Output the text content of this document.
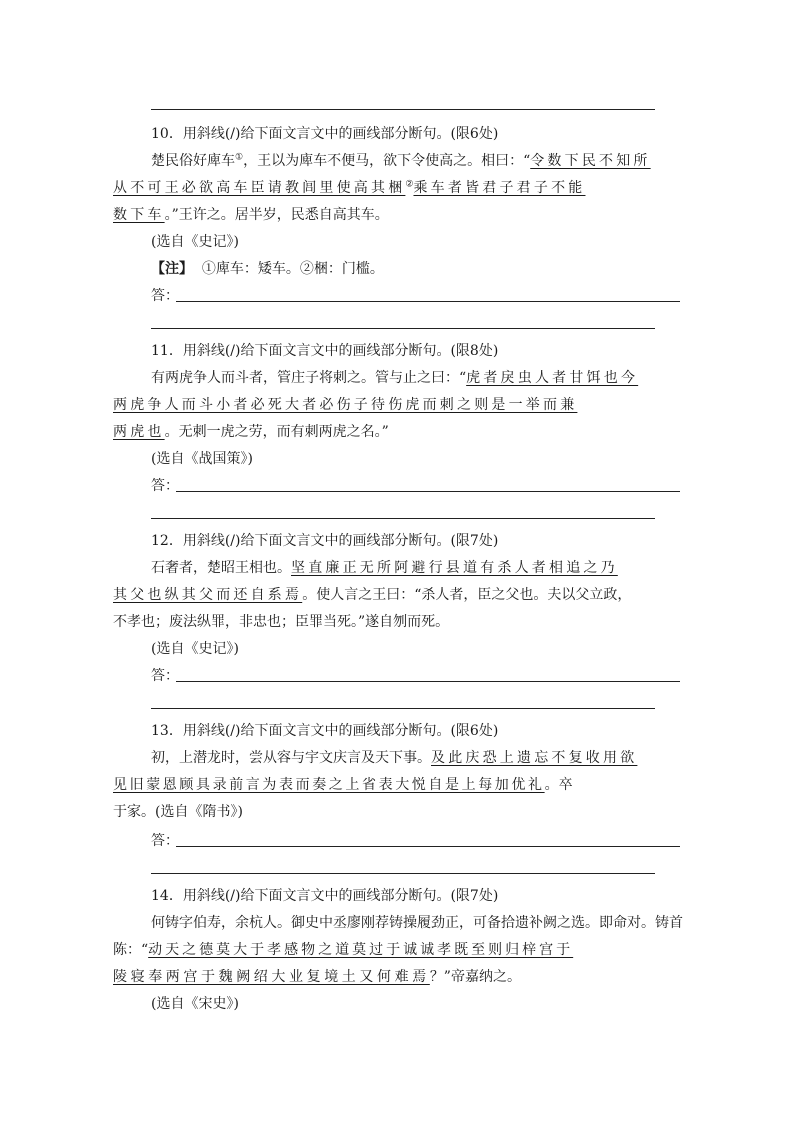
10．用斜线(/)给下面文言文中的画线部分断句。(限6处)
楚民俗好庳车①，王以为庳车不便马，欲下令使高之。相曰：“令数下民不知所
从不可王必欲高车臣请教闾里使高其梱②乘车者皆君子君子不能
数下车。”王许之。居半岁，民悉自高其车。
(选自《史记》)
【注】 ①庳车：矮车。②梱：门槛。
答：
11．用斜线(/)给下面文言文中的画线部分断句。(限8处)
有两虎争人而斗者，管庄子将刺之。管与止之曰：“虎者戾虫人者甘饵也今
两虎争人而斗小者必死大者必伤子待伤虎而刺之则是一举而兼
两虎也。无刺一虎之劳，而有刺两虎之名。”
(选自《战国策》)
答：
12．用斜线(/)给下面文言文中的画线部分断句。(限7处)
石奢者，楚昭王相也。坚直廉正无所阿避行县道有杀人者相追之乃
其父也纵其父而还自系焉。使人言之王曰：“杀人者，臣之父也。夫以父立政，
不孝也；废法纵罪，非忠也；臣罪当死。”遂自刎而死。
(选自《史记》)
答：
13．用斜线(/)给下面文言文中的画线部分断句。(限6处)
初，上潜龙时，尝从容与宇文庆言及天下事。及此庆恐上遗忘不复收用欲
见旧蒙恩顾具录前言为表而奏之上省表大悦自是上每加优礼。卒
于家。(选自《隋书》)
答：
14．用斜线(/)给下面文言文中的画线部分断句。(限7处)
何铸字伯寿，余杭人。御史中丞廖刚荐铸操履劲正，可备拾遗补阙之选。即命对。铸首
陈：“动天之德莫大于孝感物之道莫过于诚诚孝既至则归梓宫于
陵寝奉两宫于魏阙绍大业复境土又何难焉？”帝嘉纳之。
(选自《宋史》)
